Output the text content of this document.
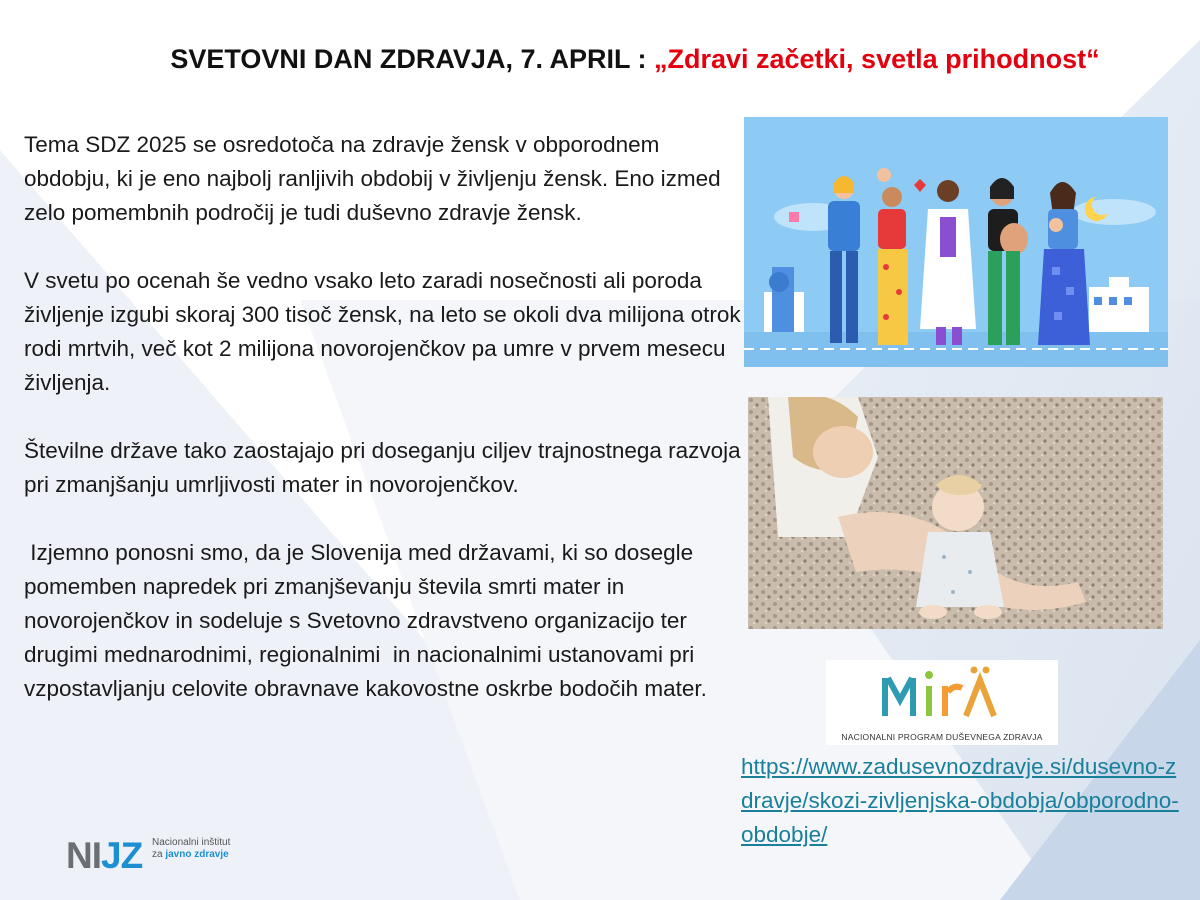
SVETOVNI DAN ZDRAVJA, 7. APRIL : „Zdravi začetki, svetla prihodnost“

Tema SDZ 2025 se osredotoča na zdravje žensk v obporodnem obdobju, ki je eno najbolj ranljivih obdobij v življenju žensk. Eno izmed zelo pomembnih področij je tudi duševno zdravje žensk.

V svetu po ocenah še vedno vsako leto zaradi nosečnosti ali poroda življenje izgubi skoraj 300 tisoč žensk, na leto se okoli dva milijona otrok rodi mrtvih, več kot 2 milijona novorojenčkov pa umre v prvem mesecu življenja.

Številne države tako zaostajajo pri doseganju ciljev trajnostnega razvoja pri zmanjšanju umrljivosti mater in novorojenčkov.

Izjemno ponosni smo, da je Slovenija med državami, ki so dosegle pomemben napredek pri zmanjševanju števila smrti mater in novorojenčkov in sodeluje s Svetovno zdravstveno organizacijo ter drugimi mednarodnimi, regionalnimi  in nacionalnimi ustanovami pri vzpostavljanju celovite obravnave kakovostne oskrbe bodočih mater.

NACIONALNI PROGRAM DUŠEVNEGA ZDRAVJA
https://www.zadusevnozdravje.si/dusevno-zdravje/skozi-zivljenjska-obdobja/obporodno-obdobje/
NIJZ Nacionalni inštitut
za javno zdravje
